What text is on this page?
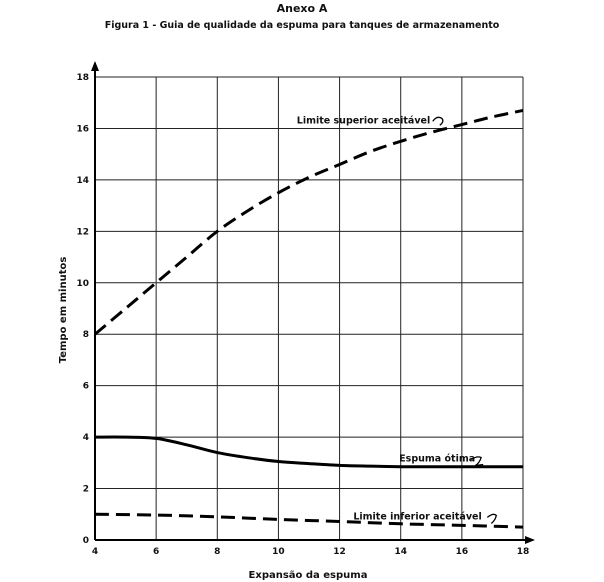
Anexo A
Figura 1 - Guia de qualidade da espuma para tanques de armazenamento
4	6	8	10	12	14	16	18
0
2
4
6
8
10
12
14
16
18
Limite superior aceitável
Espuma ótima
Limite inferior aceitável
Expansão da espuma
Tempo em minutos
